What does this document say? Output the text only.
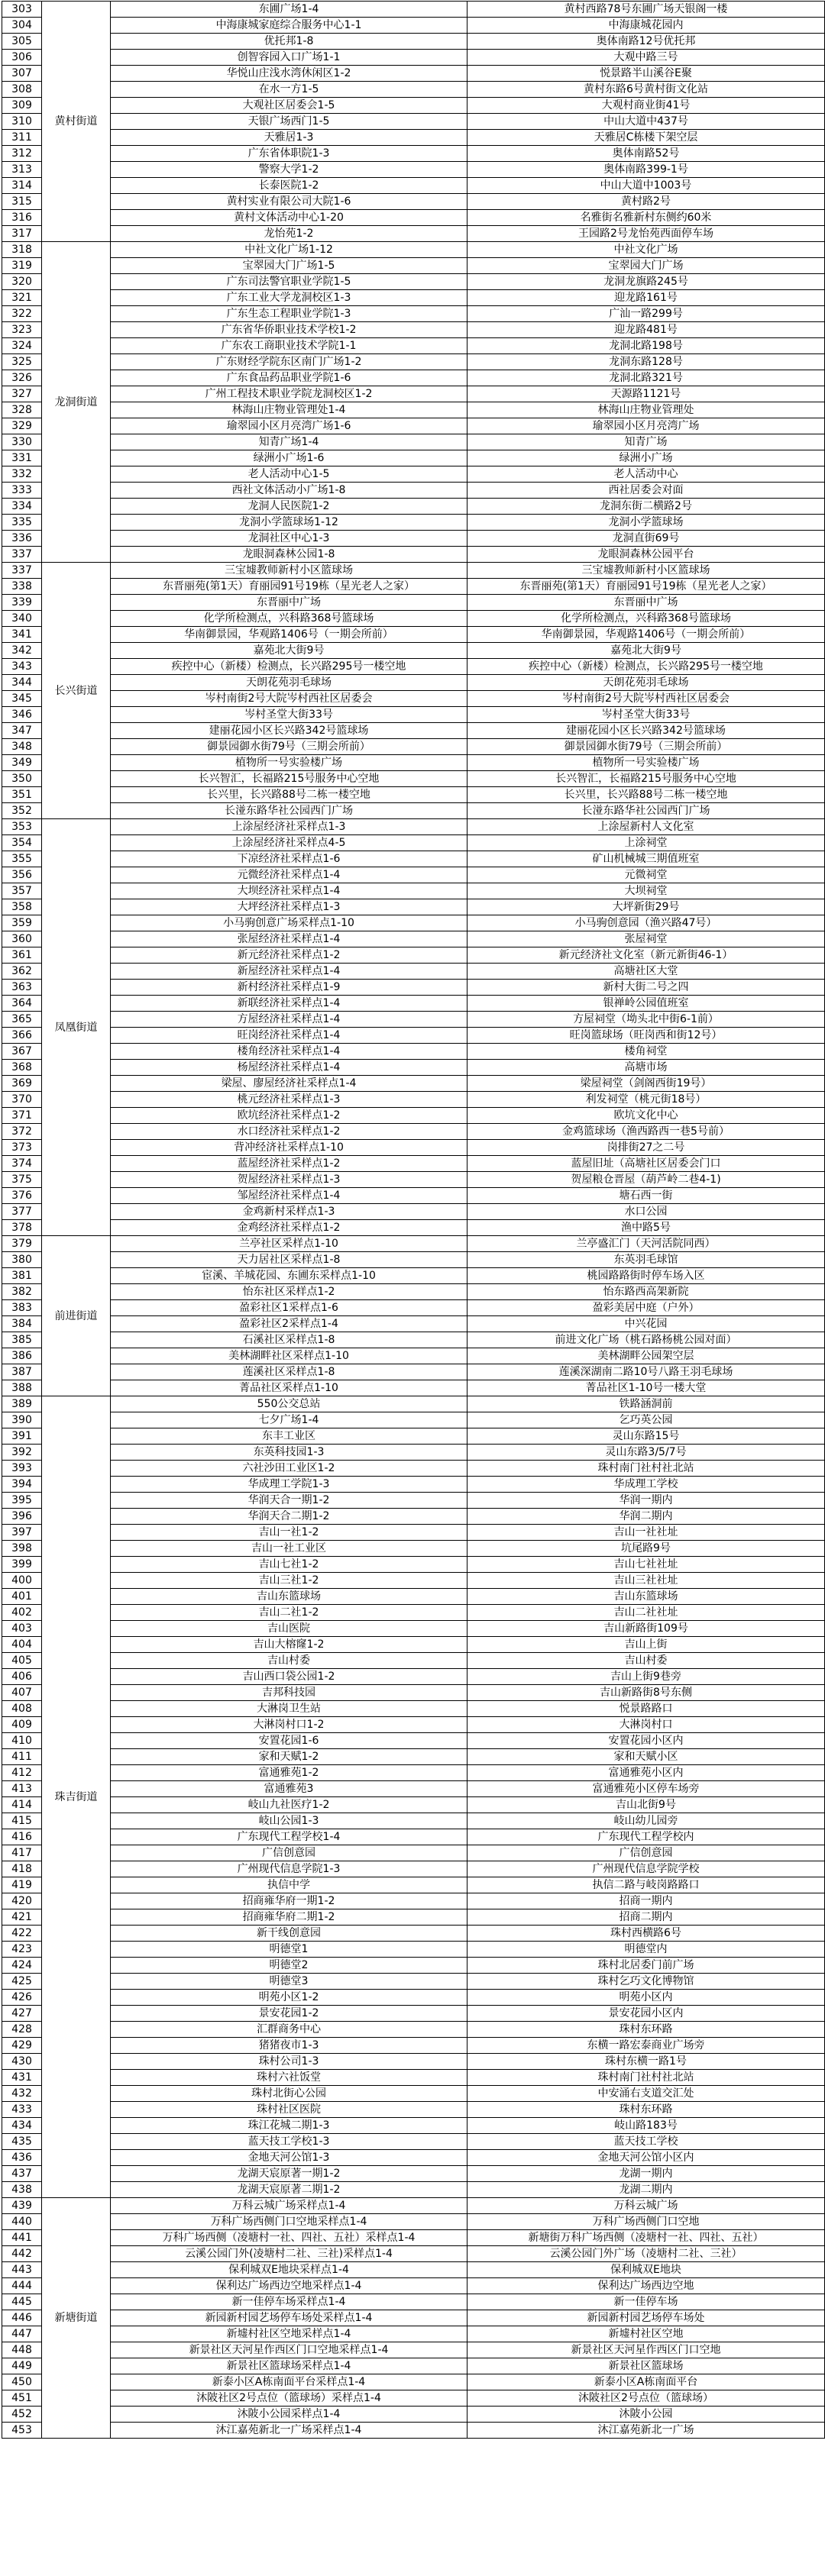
303	黄村街道	东圃广场1-4	黄村西路78号东圃广场天银阁一楼
304		中海康城家庭综合服务中心1-1	中海康城花园内
305		优托邦1-8	奥体南路12号优托邦
306		创智容园入口广场1-1	大观中路三号
307		华悦山庄浅水湾休闲区1-2	悦景路半山溪谷E聚
308		在水一方1-5	黄村东路6号黄村街文化站
309		大观社区居委会1-5	大观村商业街41号
310		天银广场西门1-5	中山大道中437号
311		天雅居1-3	天雅居C栋楼下架空层
312		广东省体职院1-3	奥体南路52号
313		警察大学1-2	奥体南路399-1号
314		长泰医院1-2	中山大道中1003号
315		黄村实业有限公司大院1-6	黄村路2号
316		黄村文体活动中心1-20	名雅街名雅新村东侧约60米
317		龙怡苑1-2	王园路2号龙怡苑西面停车场
318	龙洞街道	中社文化广场1-12	中社文化广场
319		宝翠园大门广场1-5	宝翠园大门广场
320		广东司法警官职业学院1-5	龙洞龙旗路245号
321		广东工业大学龙洞校区1-3	迎龙路161号
322		广东生态工程职业学院1-3	广汕一路299号
323		广东省华侨职业技术学校1-2	迎龙路481号
324		广东农工商职业技术学院1-1	龙洞北路198号
325		广东财经学院东区南门广场1-2	龙洞东路128号
326		广东食品药品职业学院1-6	龙洞北路321号
327		广州工程技术职业学院龙洞校区1-2	天源路1121号
328		林海山庄物业管理处1-4	林海山庄物业管理处
329		瑜翠园小区月亮湾广场1-6	瑜翠园小区月亮湾广场
330		知青广场1-4	知青广场
331		绿洲小广场1-6	绿洲小广场
332		老人活动中心1-5	老人活动中心
333		西社文体活动小广场1-8	西社居委会对面
334		龙洞人民医院1-2	龙洞东街二横路2号
335		龙洞小学篮球场1-12	龙洞小学篮球场
336		龙洞社区中心1-3	龙洞直街69号
337		龙眼洞森林公园1-8	龙眼洞森林公园平台
337	长兴街道	三宝墟教师新村小区篮球场	三宝墟教师新村小区篮球场
338		东晋丽苑(第1天）育丽园91号19栋（星光老人之家）	东晋丽苑(第1天）育丽园91号19栋（星光老人之家）
339		东晋丽中广场	东晋丽中广场
340		化学所检测点，兴科路368号篮球场	化学所检测点，兴科路368号篮球场
341		华南御景园，华观路1406号（一期会所前）	华南御景园，华观路1406号（一期会所前）
342		嘉苑北大街9号	嘉苑北大街9号
343		疾控中心（新楼）检测点，长兴路295号一楼空地	疾控中心（新楼）检测点，长兴路295号一楼空地
344		天朗花苑羽毛球场	天朗花苑羽毛球场
345		岑村南街2号大院岑村西社区居委会	岑村南街2号大院岑村西社区居委会
346		岑村圣堂大街33号	岑村圣堂大街33号
347		建丽花园小区长兴路342号篮球场	建丽花园小区长兴路342号篮球场
348		御景园御水街79号（三期会所前）	御景园御水街79号（三期会所前）
349		植物所一号实验楼广场	植物所一号实验楼广场
350		长兴智汇，长福路215号服务中心空地	长兴智汇，长福路215号服务中心空地
351		长兴里，长兴路88号二栋一楼空地	长兴里，长兴路88号二栋一楼空地
352		长湴东路华社公园西门广场	长湴东路华社公园西门广场
353	凤凰街道	上涂屋经济社采样点1-3	上涂屋新村人文化室
354		上涂屋经济社采样点4-5	上涂祠堂
355		下凉经济社采样点1-6	矿山机械城三期值班室
356		元微经济社采样点1-4	元微祠堂
357		大坝经济社采样点1-4	大坝祠堂
358		大坪经济社采样点1-3	大坪新街29号
359		小马驹创意广场采样点1-10	小马驹创意园（渔兴路47号）
360		张屋经济社采样点1-4	张屋祠堂
361		新元经济社采样点1-2	新元经济社文化室（新元新街46-1）
362		新屋经济社采样点1-4	高塘社区大堂
363		新村经济社采样点1-9	新村大街二号之四
364		新联经济社采样点1-4	银禅岭公园值班室
365		方屋经济社采样点1-4	方屋祠堂（坳头北中街6-1前）
366		旺岗经济社采样点1-4	旺岗篮球场（旺岗西和街12号）
367		楼角经济社采样点1-4	楼角祠堂
368		杨屋经济社采样点1-4	高塘市场
369		梁屋、廖屋经济社采样点1-4	梁屋祠堂（剑阁西街19号）
370		桃元经济社采样点1-3	利发祠堂（桃元街18号）
371		欧坑经济社采样点1-2	欧坑文化中心
372		水口经济社采样点1-2	金鸡篮球场（渔西路西一巷5号前）
373		背冲经济社采样点1-10	岗排街27之二号
374		蓝屋经济社采样点1-2	蓝屋旧址（高塘社区居委会门口
375		贺屋经济社采样点1-3	贺屋粮仓晋屋（葫芦岭二巷4-1)
376		邹屋经济社采样点1-4	塘石西一街
377		金鸡新村采样点1-3	水口公园
378		金鸡经济社采样点1-2	渔中路5号
379	前进街道	兰亭社区采样点1-10	兰亭盛汇门（天河活院同西）
380		天力居社区采样点1-8	东英羽毛球馆
381		宦溪、羊城花园、东圃东采样点1-10	桃园路路街时停车场入区
382		怡东社区采样点1-2	怡东路西高架新院
383		盈彩社区1采样点1-6	盈彩美居中庭（户外）
384		盈彩社区2采样点1-4	中兴花园
385		石溪社区采样点1-8	前进文化广场（桃石路杨桃公园对面）
386		美林湖畔社区采样点1-10	美林湖畔公园架空层
387		莲溪社区采样点1-8	莲溪深湖南二路10号八路王羽毛球场
388		菁品社区采样点1-10	菁品社区1-10号一楼大堂
389	珠吉街道	550公交总站	铁路涵洞前
390		七夕广场1-4	乞巧英公园
391		东丰工业区	灵山东路15号
392		东英科技园1-3	灵山东路3/5/7号
393		六社沙田工业区1-2	珠村南门社村社北站
394		华成理工学院1-3	华成理工学校
395		华润天合一期1-2	华润一期内
396		华润天合二期1-2	华润二期内
397		吉山一社1-2	吉山一社社址
398		吉山一社工业区	坑尾路9号
399		吉山七社1-2	吉山七社社址
400		吉山三社1-2	吉山三社社址
401		吉山东篮球场	吉山东篮球场
402		吉山二社1-2	吉山二社社址
403		吉山医院	吉山新路街109号
404		吉山大榕窿1-2	吉山上街
405		吉山村委	吉山村委
406		吉山西口袋公园1-2	吉山上街9巷旁
407		吉邦科技园	吉山新路街8号东侧
408		大淋岗卫生站	悦景路路口
409		大淋岗村口1-2	大淋岗村口
410		安置花园1-6	安置花园小区内
411		家和天赋1-2	家和天赋小区
412		富通雅苑1-2	富通雅苑小区内
413		富通雅苑3	富通雅苑小区停车场旁
414		岐山九社医疗1-2	吉山北街9号
415		岐山公园1-3	岐山幼儿园旁
416		广东现代工程学校1-4	广东现代工程学校内
417		广信创意园	广信创意园
418		广州现代信息学院1-3	广州现代信息学院学校
419		执信中学	执信二路与岐岗路路口
420		招商雍华府一期1-2	招商一期内
421		招商雍华府二期1-2	招商二期内
422		新干线创意园	珠村西横路6号
423		明德堂1	明德堂内
424		明德堂2	珠村北居委门前广场
425		明德堂3	珠村乞巧文化博物馆
426		明苑小区1-2	明苑小区内
427		景安花园1-2	景安花园小区内
428		汇群商务中心	珠村东环路
429		猪猪夜市1-3	东横一路宏泰商业广场旁
430		珠村公司1-3	珠村东横一路1号
431		珠村六社饭堂	珠村南门社村社北站
432		珠村北街心公园	中安涌右支道交汇处
433		珠村社区医院	珠村东环路
434		珠江花城二期1-3	岐山路183号
435		蓝天技工学校1-3	蓝天技工学校
436		金地天河公馆1-3	金地天河公馆小区内
437		龙湖天宸原著一期1-2	龙湖一期内
438		龙湖天宸原著二期1-2	龙湖二期内
439	新塘街道	万科云城广场采样点1-4	万科云城广场
440		万科广场西侧门口空地采样点1-4	万科广场西侧门口空地
441		万科广场西侧（凌塘村一社、四社、五社）采样点1-4	新塘街万科广场西侧（凌塘村一社、四社、五社）
442		云溪公园门外(凌塘村二社、三社)采样点1-4	云溪公园门外广场（凌塘村二社、三社）
443		保利城双E地块采样点1-4	保利城双E地块
444		保利达广场西边空地采样点1-4	保利达广场西边空地
445		新一佳停车场采样点1-4	新一佳停车场
446		新园新村园艺场停车场处采样点1-4	新园新村园艺场停车场处
447		新墟村社区空地采样点1-4	新墟村社区空地
448		新景社区天河星作西区门口空地采样点1-4	新景社区天河星作西区门口空地
449		新景社区篮球场采样点1-4	新景社区篮球场
450		新泰小区A栋南面平台采样点1-4	新泰小区A栋南面平台
451		沐陂社区2号点位（篮球场）采样点1-4	沐陂社区2号点位（篮球场）
452		沐陂小公园采样点1-4	沐陂小公园
453		沐江嘉苑新北一广场采样点1-4	沐江嘉苑新北一广场
